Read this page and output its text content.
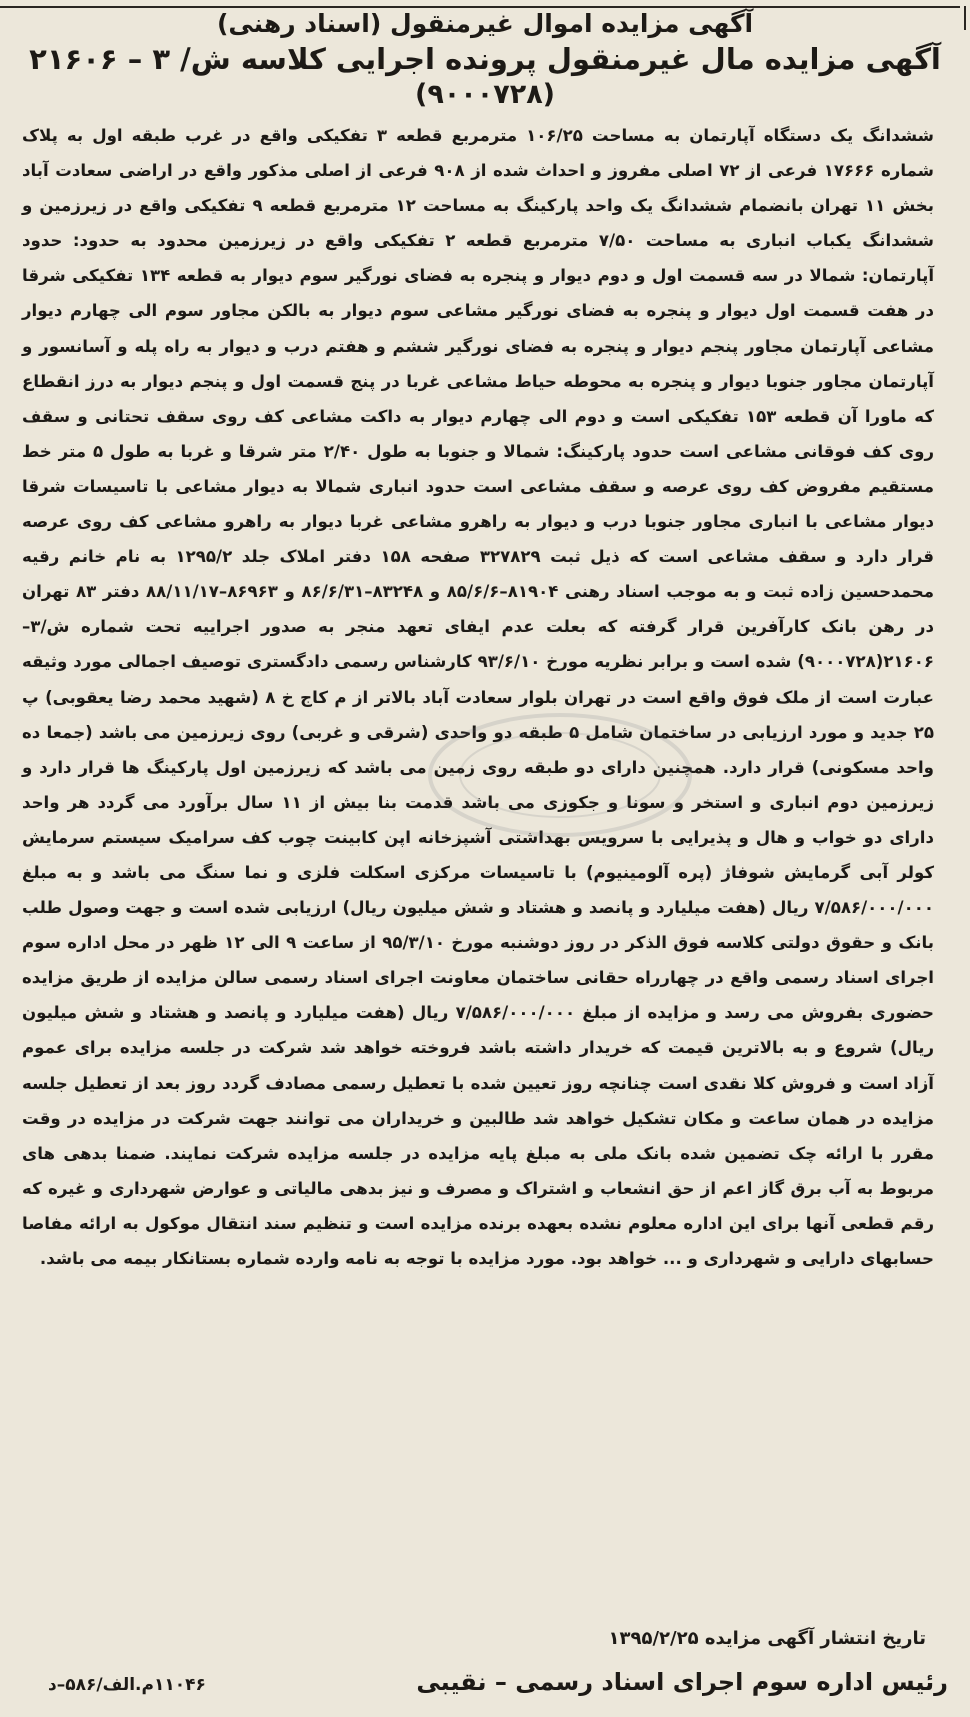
آگهی مزایده اموال غیرمنقول (اسناد رهنی)

آگهی مزایده مال غیرمنقول پرونده اجرایی کلاسه ش/ ۳ – ۲۱۶۰۶

(۹۰۰۰۷۲۸)

ششدانگ یک دستگاه آپارتمان به مساحت ۱۰۶/۲۵ مترمربع قطعه ۳ تفکیکی واقع در غرب طبقه اول به پلاک شماره ۱۷۶۶۶ فرعی از ۷۲ اصلی مفروز و احداث شده از ۹۰۸ فرعی از اصلی مذکور واقع در اراضی سعادت آباد بخش ۱۱ تهران بانضمام ششدانگ یک واحد پارکینگ به مساحت ۱۲ مترمربع قطعه ۹ تفکیکی واقع در زیرزمین و ششدانگ یکباب انباری به مساحت ۷/۵۰ مترمربع قطعه ۲ تفکیکی واقع در زیرزمین محدود به حدود: حدود آپارتمان: شمالا در سه قسمت اول و دوم دیوار و پنجره به فضای نورگیر سوم دیوار به قطعه ۱۳۴ تفکیکی شرقا در هفت قسمت اول دیوار و پنجره به فضای نورگیر مشاعی سوم دیوار به بالکن مجاور سوم الی چهارم دیوار مشاعی آپارتمان مجاور پنجم دیوار و پنجره به فضای نورگیر ششم و هفتم درب و دیوار به راه پله و آسانسور و آپارتمان مجاور جنوبا دیوار و پنجره به محوطه حیاط مشاعی غربا در پنج قسمت اول و پنجم دیوار به درز انقطاع که ماورا آن قطعه ۱۵۳ تفکیکی است و دوم الی چهارم دیوار به داکت مشاعی کف روی سقف تحتانی و سقف روی کف فوقانی مشاعی است حدود پارکینگ: شمالا و جنوبا به طول ۲/۴۰ متر شرقا و غربا به طول ۵ متر خط مستقیم مفروض کف روی عرصه و سقف مشاعی است حدود انباری شمالا به دیوار مشاعی با تاسیسات شرقا دیوار مشاعی با انباری مجاور جنوبا درب و دیوار به راهرو مشاعی غربا دیوار به راهرو مشاعی کف روی عرصه قرار دارد و سقف مشاعی است که ذیل ثبت ۳۲۷۸۲۹ صفحه ۱۵۸ دفتر املاک جلد ۱۲۹۵/۲ به نام خانم رقیه محمدحسین زاده ثبت و به موجب اسناد رهنی ۸۱۹۰۴–۸۵/۶/۶ و ۸۳۲۴۸–۸۶/۶/۳۱ و ۸۶۹۶۳–۸۸/۱۱/۱۷ دفتر ۸۳ تهران در رهن بانک کارآفرین قرار گرفته که بعلت عدم ایفای تعهد منجر به صدور اجراییه تحت شماره ش/۳–۲۱۶۰۶(۹۰۰۰۷۲۸) شده است و برابر نظریه مورخ ۹۳/۶/۱۰ کارشناس رسمی دادگستری توصیف اجمالی مورد وثیقه عبارت است از ملک فوق واقع است در تهران بلوار سعادت آباد بالاتر از م کاج خ ۸ (شهید محمد رضا یعقوبی) پ ۲۵ جدید و مورد ارزیابی در ساختمان شامل ۵ طبقه دو واحدی (شرقی و غربی) روی زیرزمین می باشد (جمعا ده واحد مسکونی) قرار دارد. همچنین دارای دو طبقه روی زمین می باشد که زیرزمین اول پارکینگ ها قرار دارد و زیرزمین دوم انباری و استخر و سونا و جکوزی می باشد قدمت بنا بیش از ۱۱ سال برآورد می گردد هر واحد دارای دو خواب و هال و پذیرایی با سرویس بهداشتی آشپزخانه اپن کابینت چوب کف سرامیک سیستم سرمایش کولر آبی گرمایش شوفاژ (پره آلومینیوم) با تاسیسات مرکزی اسکلت فلزی و نما سنگ می باشد و به مبلغ ۷/۵۸۶/۰۰۰/۰۰۰ ریال (هفت میلیارد و پانصد و هشتاد و شش میلیون ریال) ارزیابی شده است و جهت وصول طلب بانک و حقوق دولتی کلاسه فوق الذکر در روز دوشنبه مورخ ۹۵/۳/۱۰ از ساعت ۹ الی ۱۲ ظهر در محل اداره سوم اجرای اسناد رسمی واقع در چهارراه حقانی ساختمان معاونت اجرای اسناد رسمی سالن مزایده از طریق مزایده حضوری بفروش می رسد و مزایده از مبلغ ۷/۵۸۶/۰۰۰/۰۰۰ ریال (هفت میلیارد و پانصد و هشتاد و شش میلیون ریال) شروع و به بالاترین قیمت که خریدار داشته باشد فروخته خواهد شد شرکت در جلسه مزایده برای عموم آزاد است و فروش کلا نقدی است چنانچه روز تعیین شده با تعطیل رسمی مصادف گردد روز بعد از تعطیل جلسه مزایده در همان ساعت و مکان تشکیل خواهد شد طالبین و خریداران می توانند جهت شرکت در مزایده در وقت مقرر با ارائه چک تضمین شده بانک ملی به مبلغ پایه مزایده در جلسه مزایده شرکت نمایند. ضمنا بدهی های مربوط به آب برق گاز اعم از حق انشعاب و اشتراک و مصرف و نیز بدهی مالیاتی و عوارض شهرداری و غیره که رقم قطعی آنها برای این اداره معلوم نشده بعهده برنده مزایده است و تنظیم سند انتقال موکول به ارائه مفاصا حسابهای دارایی و شهرداری و ... خواهد بود. مورد مزایده با توجه به نامه وارده شماره بستانکار بیمه می باشد.

تاریخ انتشار آگهی مزایده ۱۳۹۵/۲/۲۵
رئیس اداره سوم اجرای اسناد رسمی – نقیبی
۱۱۰۴۶م.الف/۵۸۶–د
